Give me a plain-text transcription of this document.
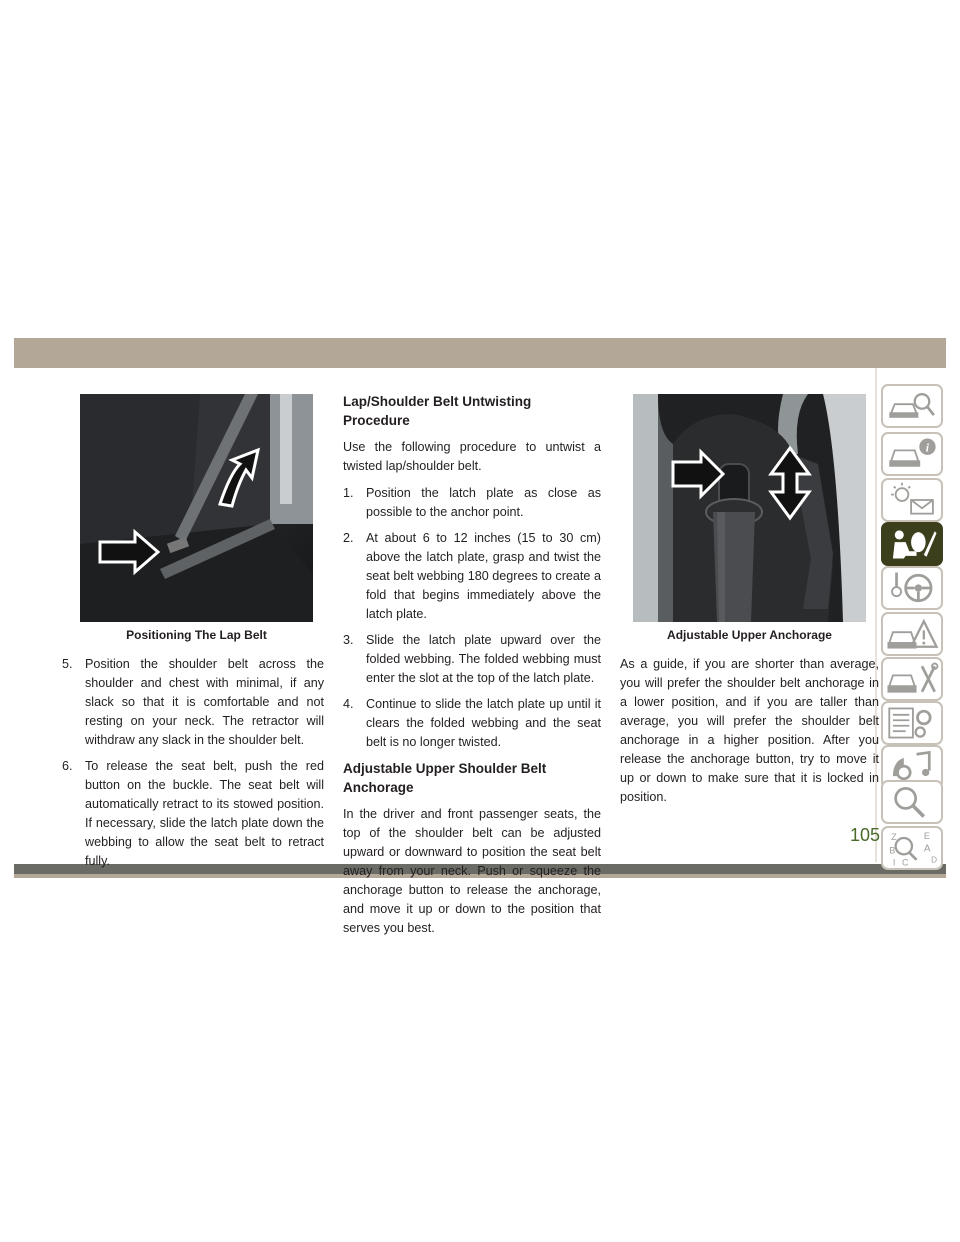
Positioning The Lap Belt
5. Position the shoulder belt across the shoulder and chest with minimal, if any slack so that it is comfortable and not resting on your neck. The retractor will withdraw any slack in the shoulder belt.
6. To release the seat belt, push the red button on the buckle. The seat belt will automatically retract to its stowed position. If necessary, slide the latch plate down the webbing to allow the seat belt to retract fully.
Lap/Shoulder Belt Untwisting Procedure

Use the following procedure to untwist a twisted lap/shoulder belt.

1. Position the latch plate as close as possible to the anchor point.
2. At about 6 to 12 inches (15 to 30 cm) above the latch plate, grasp and twist the seat belt webbing 180 degrees to create a fold that begins immediately above the latch plate.
3. Slide the latch plate upward over the folded webbing. The folded webbing must enter the slot at the top of the latch plate.
4. Continue to slide the latch plate up until it clears the folded webbing and the seat belt is no longer twisted.
Adjustable Upper Shoulder Belt Anchorage

In the driver and front passenger seats, the top of the shoulder belt can be adjusted upward or downward to position the seat belt away from your neck. Push or squeeze the anchorage button to release the anchorage, and move it up or down to the position that serves you best.

Adjustable Upper Anchorage

As a guide, if you are shorter than average, you will prefer the shoulder belt anchorage in a lower position, and if you are taller than average, you will prefer the shoulder belt anchorage in a higher position. After you release the anchorage button, try to move it up or down to make sure that it is locked in position.

i
Z	E
B	A
C	D
I
105
